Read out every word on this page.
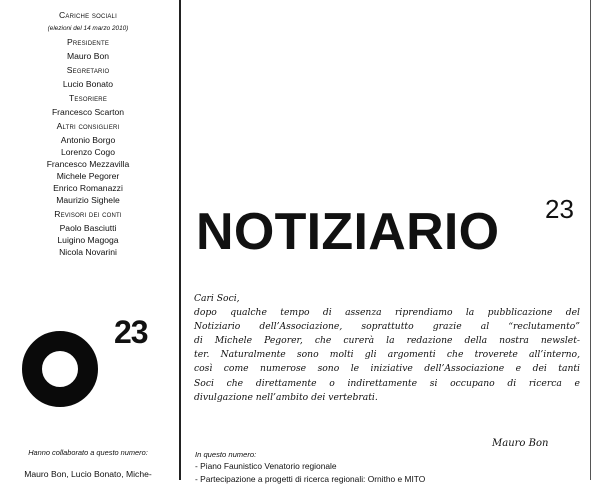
Cariche sociali
(elezioni del 14 marzo 2010)
Presidente
Mauro Bon
Segretario
Lucio Bonato
Tesoriere
Francesco Scarton
Altri consiglieri
Antonio Borgo
Lorenzo Cogo
Francesco Mezzavilla
Michele Pegorer
Enrico Romanazzi
Maurizio Sighele
Revisori dei conti
Paolo Basciutti
Luigino Magoga
Nicola Novarini
23
Hanno collaborato a questo numero:
Mauro Bon, Lucio Bonato, Miche-
NOTIZIARIO 23
Cari Soci,
dopo qualche tempo di assenza riprendiamo la pubblicazione del
Notiziario dell’Associazione, soprattutto grazie al “reclutamento”
di Michele Pegorer, che curerà la redazione della nostra newslet-
ter. Naturalmente sono molti gli argomenti che troverete all’interno,
così come numerose sono le iniziative dell’Associazione e dei tanti
Soci che direttamente o indirettamente si occupano di ricerca e
divulgazione nell’ambito dei vertebrati.
Mauro Bon
In questo numero:
- Piano Faunistico Venatorio regionale
- Partecipazione a progetti di ricerca regionali: Ornitho e MITO
